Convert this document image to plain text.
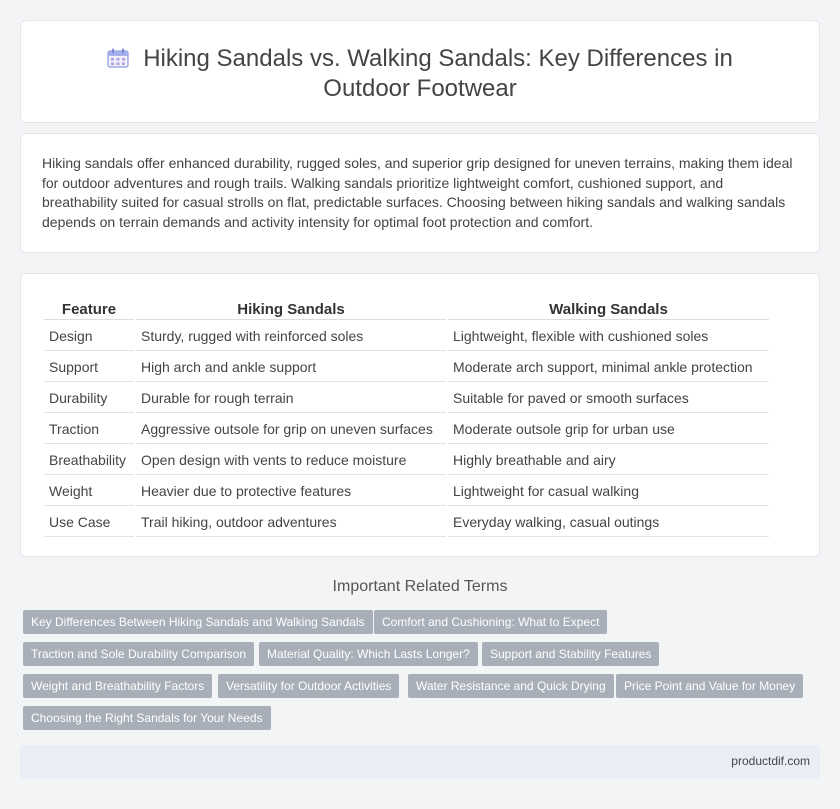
Hiking Sandals vs. Walking Sandals: Key Differences in Outdoor Footwear

Hiking sandals offer enhanced durability, rugged soles, and superior grip designed for uneven terrains, making them ideal for outdoor adventures and rough trails. Walking sandals prioritize lightweight comfort, cushioned support, and breathability suited for casual strolls on flat, predictable surfaces. Choosing between hiking sandals and walking sandals depends on terrain demands and activity intensity for optimal foot protection and comfort.

Feature	Hiking Sandals	Walking Sandals
Design	Sturdy, rugged with reinforced soles	Lightweight, flexible with cushioned soles
Support	High arch and ankle support	Moderate arch support, minimal ankle protection
Durability	Durable for rough terrain	Suitable for paved or smooth surfaces
Traction	Aggressive outsole for grip on uneven surfaces	Moderate outsole grip for urban use
Breathability	Open design with vents to reduce moisture	Highly breathable and airy
Weight	Heavier due to protective features	Lightweight for casual walking
Use Case	Trail hiking, outdoor adventures	Everyday walking, casual outings
Important Related Terms
Key Differences Between Hiking Sandals and Walking Sandals	Comfort and Cushioning: What to Expect
Traction and Sole Durability Comparison	Material Quality: Which Lasts Longer?	Support and Stability Features
Weight and Breathability Factors	Versatility for Outdoor Activities	Water Resistance and Quick Drying	Price Point and Value for Money
Choosing the Right Sandals for Your Needs
productdif.com
